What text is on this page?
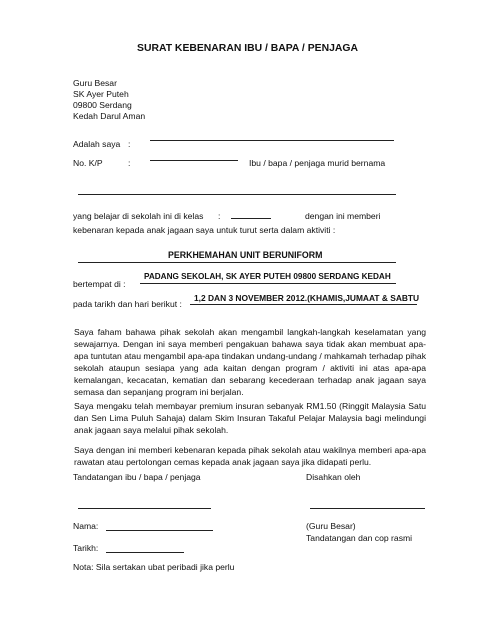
SURAT KEBENARAN IBU / BAPA / PENJAGA
Guru Besar
SK Ayer Puteh
09800 Serdang
Kedah Darul Aman
Adalah saya :
No. K/P	:	Ibu / bapa / penjaga murid bernama
yang belajar di sekolah ini di kelas :	dengan ini memberi
kebenaran kepada anak jagaan saya untuk turut serta dalam aktiviti :
PERKHEMAHAN UNIT BERUNIFORM
bertempat di :
PADANG SEKOLAH, SK AYER PUTEH 09800 SERDANG KEDAH
pada tarikh dan hari berikut :
1,2 DAN 3 NOVEMBER 2012.(KHAMIS,JUMAAT & SABTU
Saya faham bahawa pihak sekolah akan mengambil langkah-langkah keselamatan yang sewajarnya. Dengan ini saya memberi pengakuan bahawa saya tidak akan membuat apa-apa tuntutan atau mengambil apa-apa tindakan undang-undang / mahkamah terhadap pihak sekolah ataupun sesiapa yang ada kaitan dengan program / aktiviti ini atas apa-apa kemalangan, kecacatan, kematian dan sebarang kecederaan terhadap anak jagaan saya semasa dan sepanjang program ini berjalan.
Saya mengaku telah membayar premium insuran sebanyak RM1.50 (Ringgit Malaysia Satu dan Sen Lima Puluh Sahaja) dalam Skim Insuran Takaful Pelajar Malaysia bagi melindungi anak jagaan saya melalui pihak sekolah.
Saya dengan ini memberi kebenaran kepada pihak sekolah atau wakilnya memberi apa-apa rawatan atau pertolongan cemas kepada anak jagaan saya jika didapati perlu.
Tandatangan ibu / bapa / penjaga	Disahkan oleh
Nama:	(Guru Besar)
Tandatangan dan cop rasmi
Tarikh:
Nota: Sila sertakan ubat peribadi jika perlu
